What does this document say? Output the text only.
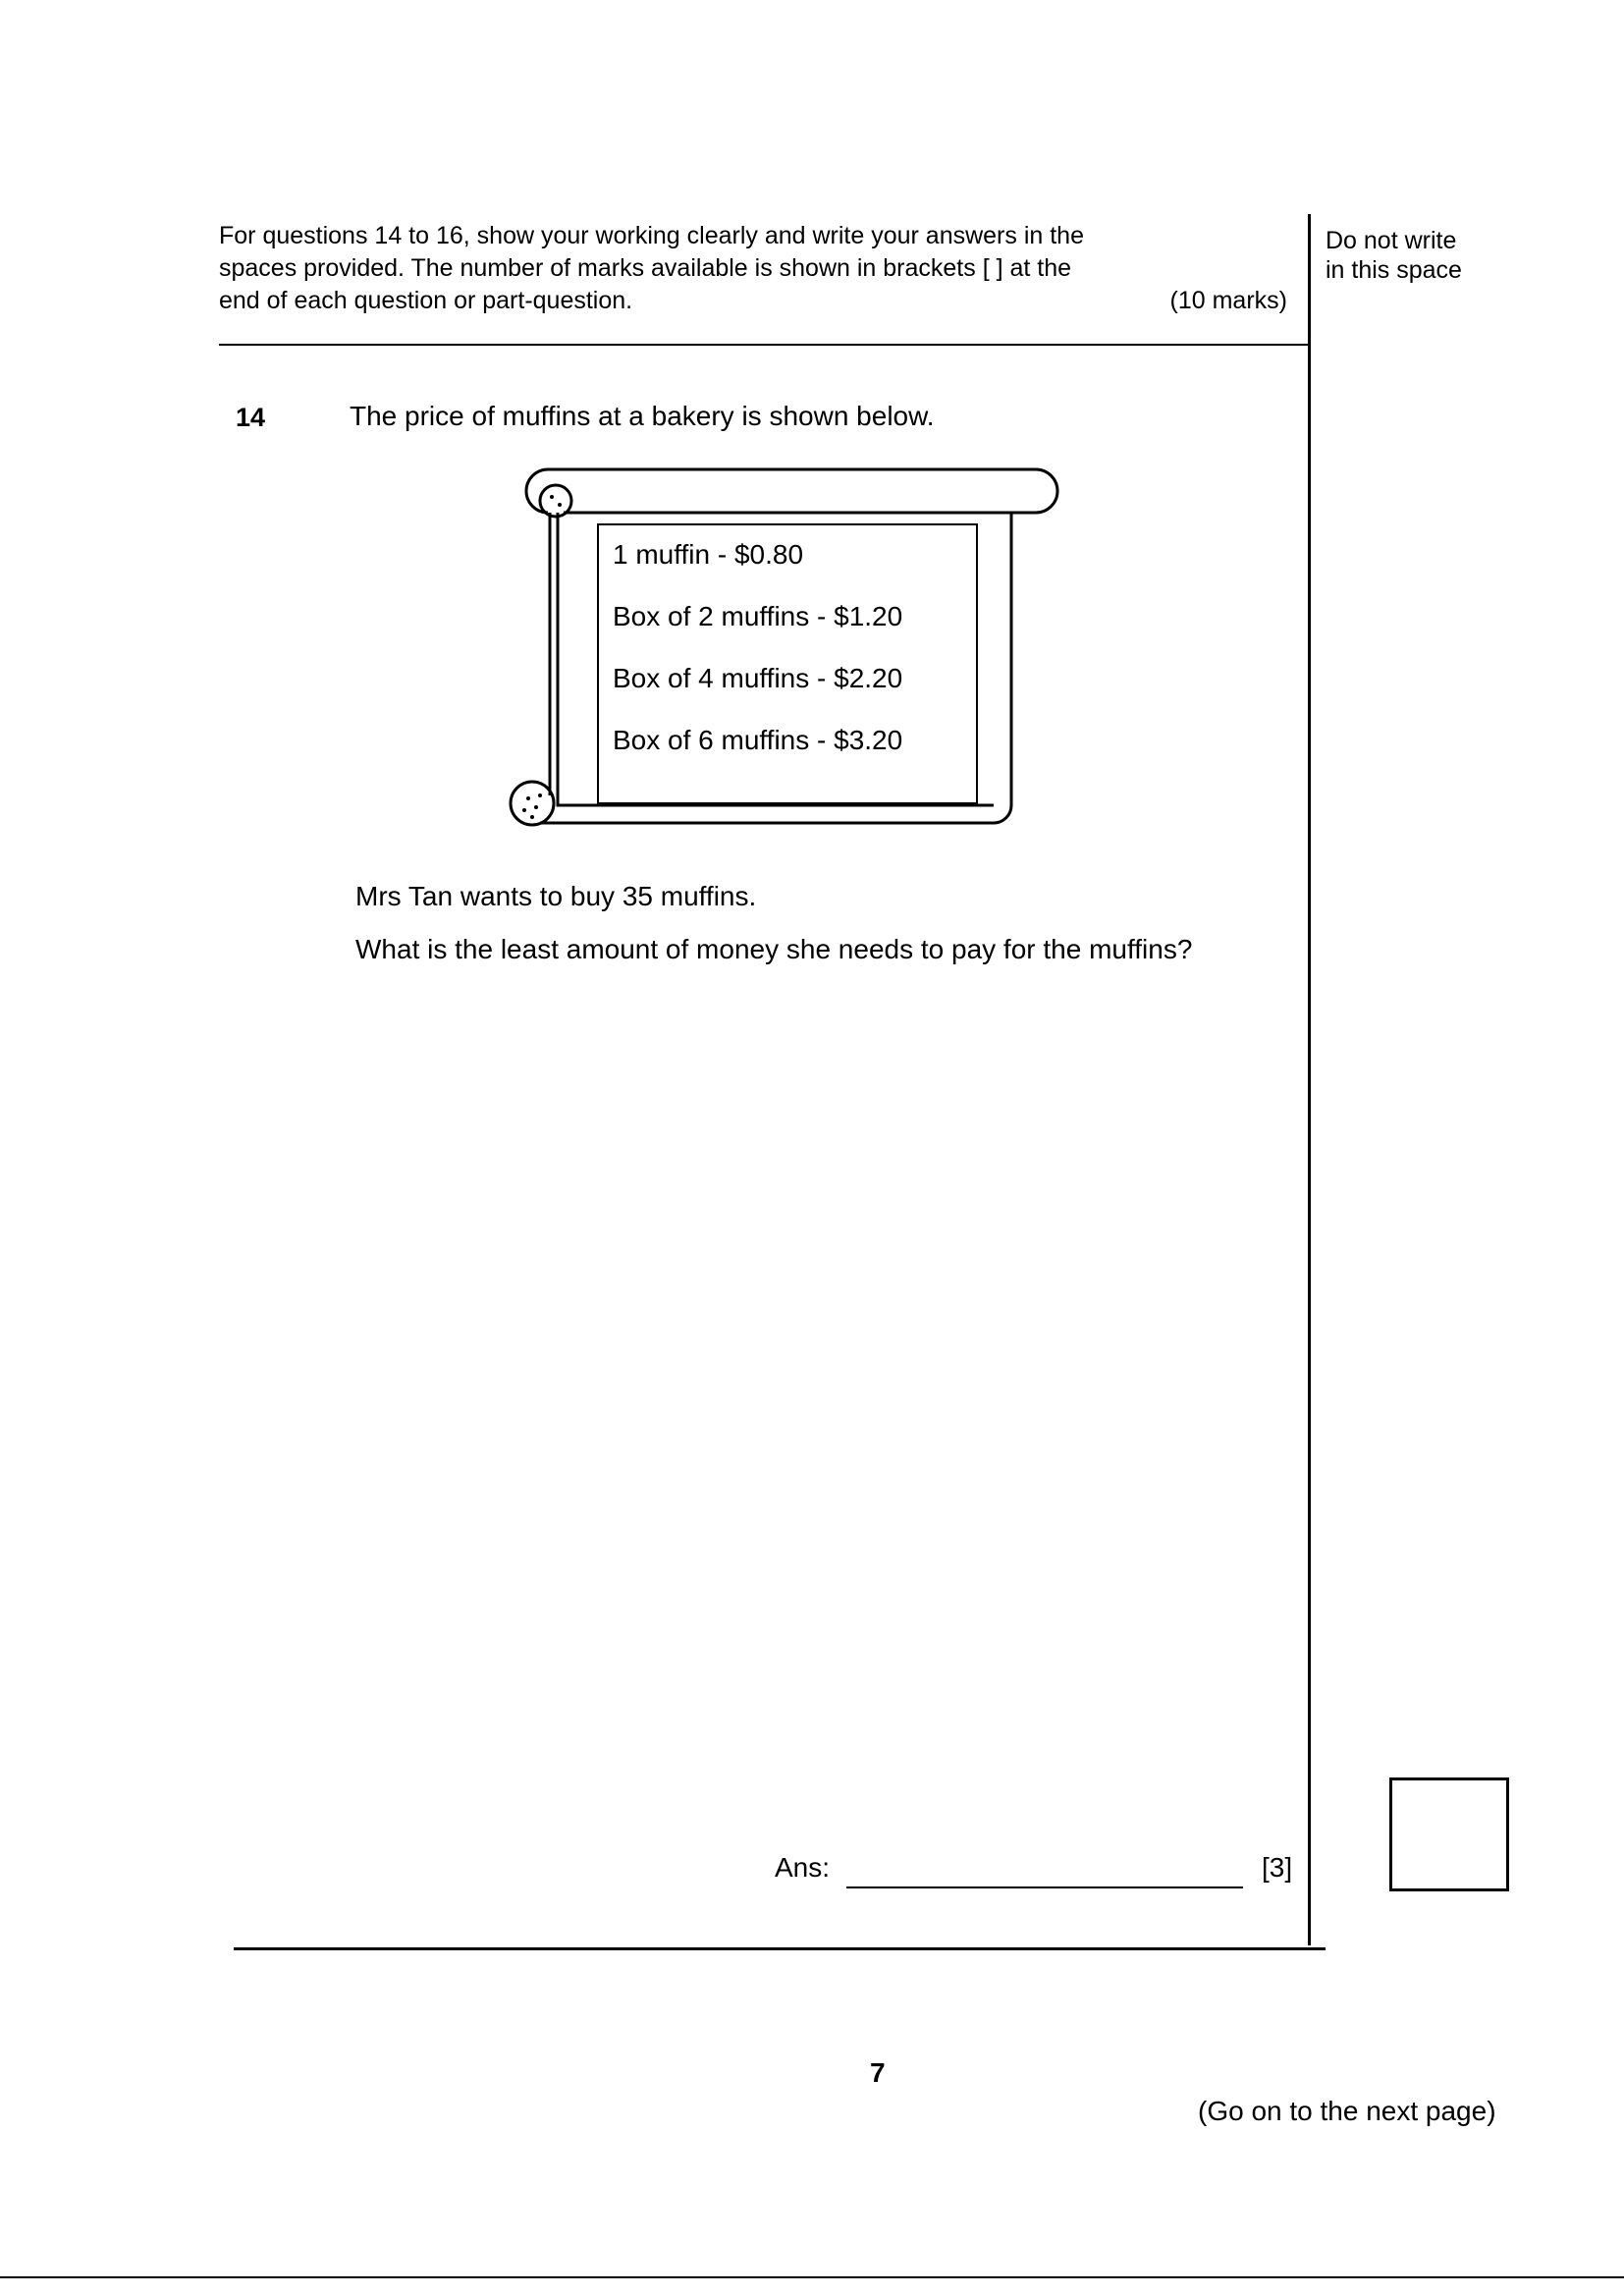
For questions 14 to 16, show your working clearly and write your answers in the
spaces provided. The number of marks available is shown in brackets [ ] at the
end of each question or part-question.	(10 marks)
Do not write
in this space
14	The price of muffins at a bakery is shown below.
1 muffin - $0.80
Box of 2 muffins - $1.20
Box of 4 muffins - $2.20
Box of 6 muffins - $3.20
Mrs Tan wants to buy 35 muffins.
What is the least amount of money she needs to pay for the muffins?
Ans:	[3]
7
(Go on to the next page)
